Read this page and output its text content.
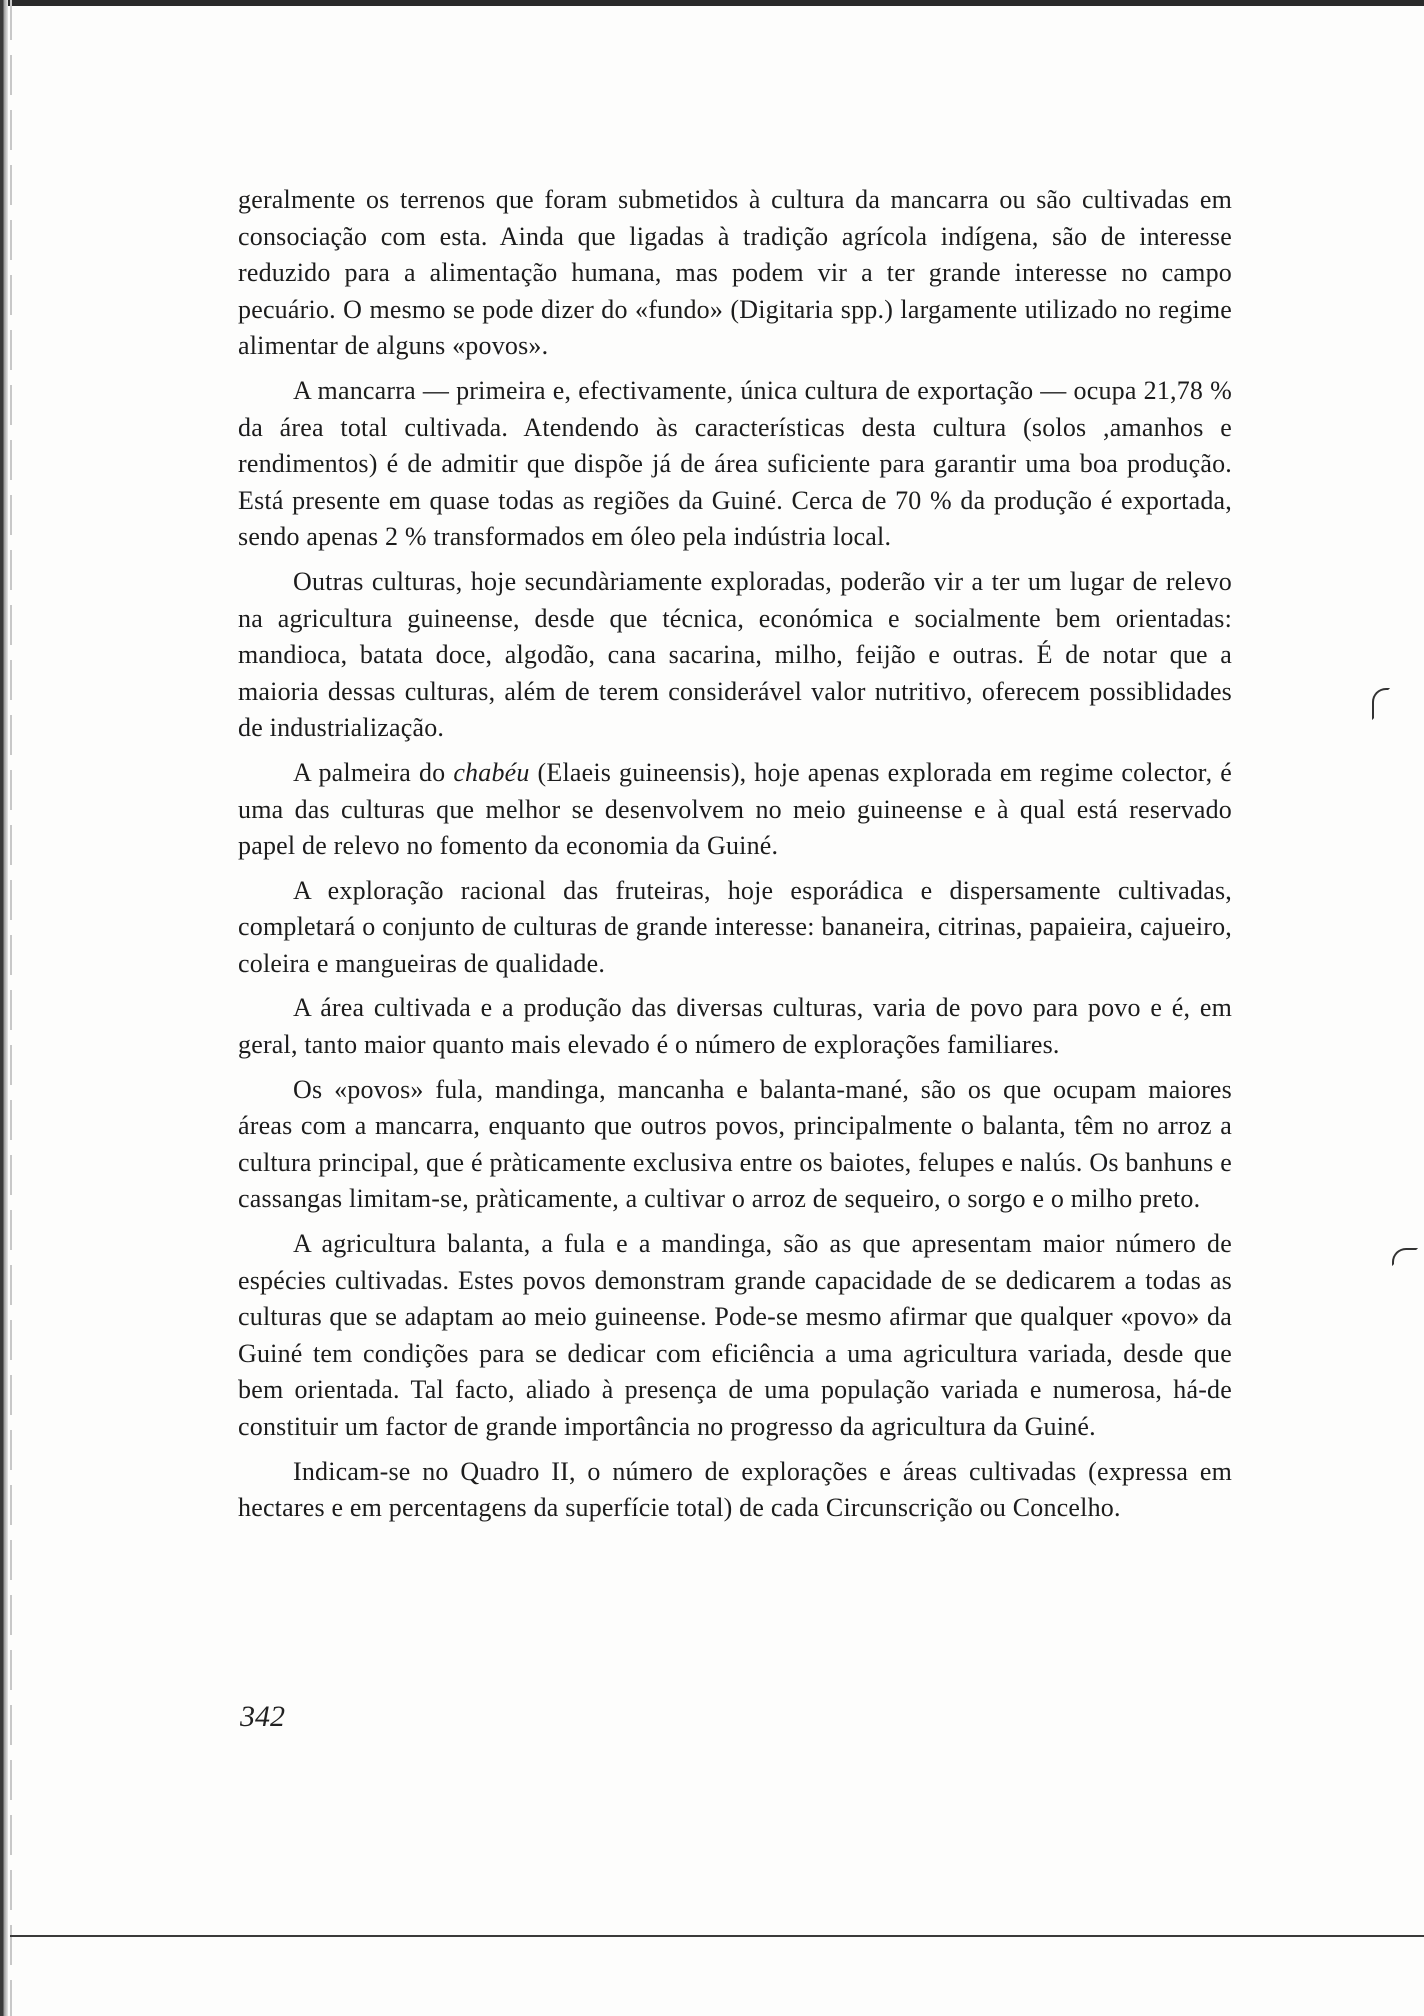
geralmente os terrenos que foram submetidos à cultura da mancarra ou são cultivadas em consociação com esta. Ainda que ligadas à tradição agrícola indígena, são de interesse reduzido para a alimentação humana, mas podem vir a ter grande interesse no campo pecuário. O mesmo se pode dizer do «fundo» (Digitaria spp.) largamente utilizado no regime alimentar de alguns «povos».

A mancarra — primeira e, efectivamente, única cultura de exportação — ocupa 21,78 % da área total cultivada. Atendendo às características desta cultura (solos ,amanhos e rendimentos) é de admitir que dispõe já de área suficiente para garantir uma boa produção. Está presente em quase todas as regiões da Guiné. Cerca de 70 % da produção é exportada, sendo apenas 2 % transformados em óleo pela indústria local.

Outras culturas, hoje secundàriamente exploradas, poderão vir a ter um lugar de relevo na agricultura guineense, desde que técnica, económica e socialmente bem orientadas: mandioca, batata doce, algodão, cana sacarina, milho, feijão e outras. É de notar que a maioria dessas culturas, além de terem considerável valor nutritivo, oferecem possiblidades de industrialização.

A palmeira do chabéu (Elaeis guineensis), hoje apenas explorada em regime colector, é uma das culturas que melhor se desenvolvem no meio guineense e à qual está reservado papel de relevo no fomento da economia da Guiné.

A exploração racional das fruteiras, hoje esporádica e dispersamente cultivadas, completará o conjunto de culturas de grande interesse: bananeira, citrinas, papaieira, cajueiro, coleira e mangueiras de qualidade.

A área cultivada e a produção das diversas culturas, varia de povo para povo e é, em geral, tanto maior quanto mais elevado é o número de explorações familiares.

Os «povos» fula, mandinga, mancanha e balanta-mané, são os que ocupam maiores áreas com a mancarra, enquanto que outros povos, principalmente o balanta, têm no arroz a cultura principal, que é pràticamente exclusiva entre os baiotes, felupes e nalús. Os banhuns e cassangas limitam-se, pràticamente, a cultivar o arroz de sequeiro, o sorgo e o milho preto.

A agricultura balanta, a fula e a mandinga, são as que apresentam maior número de espécies cultivadas. Estes povos demonstram grande capacidade de se dedicarem a todas as culturas que se adaptam ao meio guineense. Pode-se mesmo afirmar que qualquer «povo» da Guiné tem condições para se dedicar com eficiência a uma agricultura variada, desde que bem orientada. Tal facto, aliado à presença de uma população variada e numerosa, há-de constituir um factor de grande importância no progresso da agricultura da Guiné.

Indicam-se no Quadro II, o número de explorações e áreas cultivadas (expressa em hectares e em percentagens da superfície total) de cada Circunscrição ou Concelho.

342
